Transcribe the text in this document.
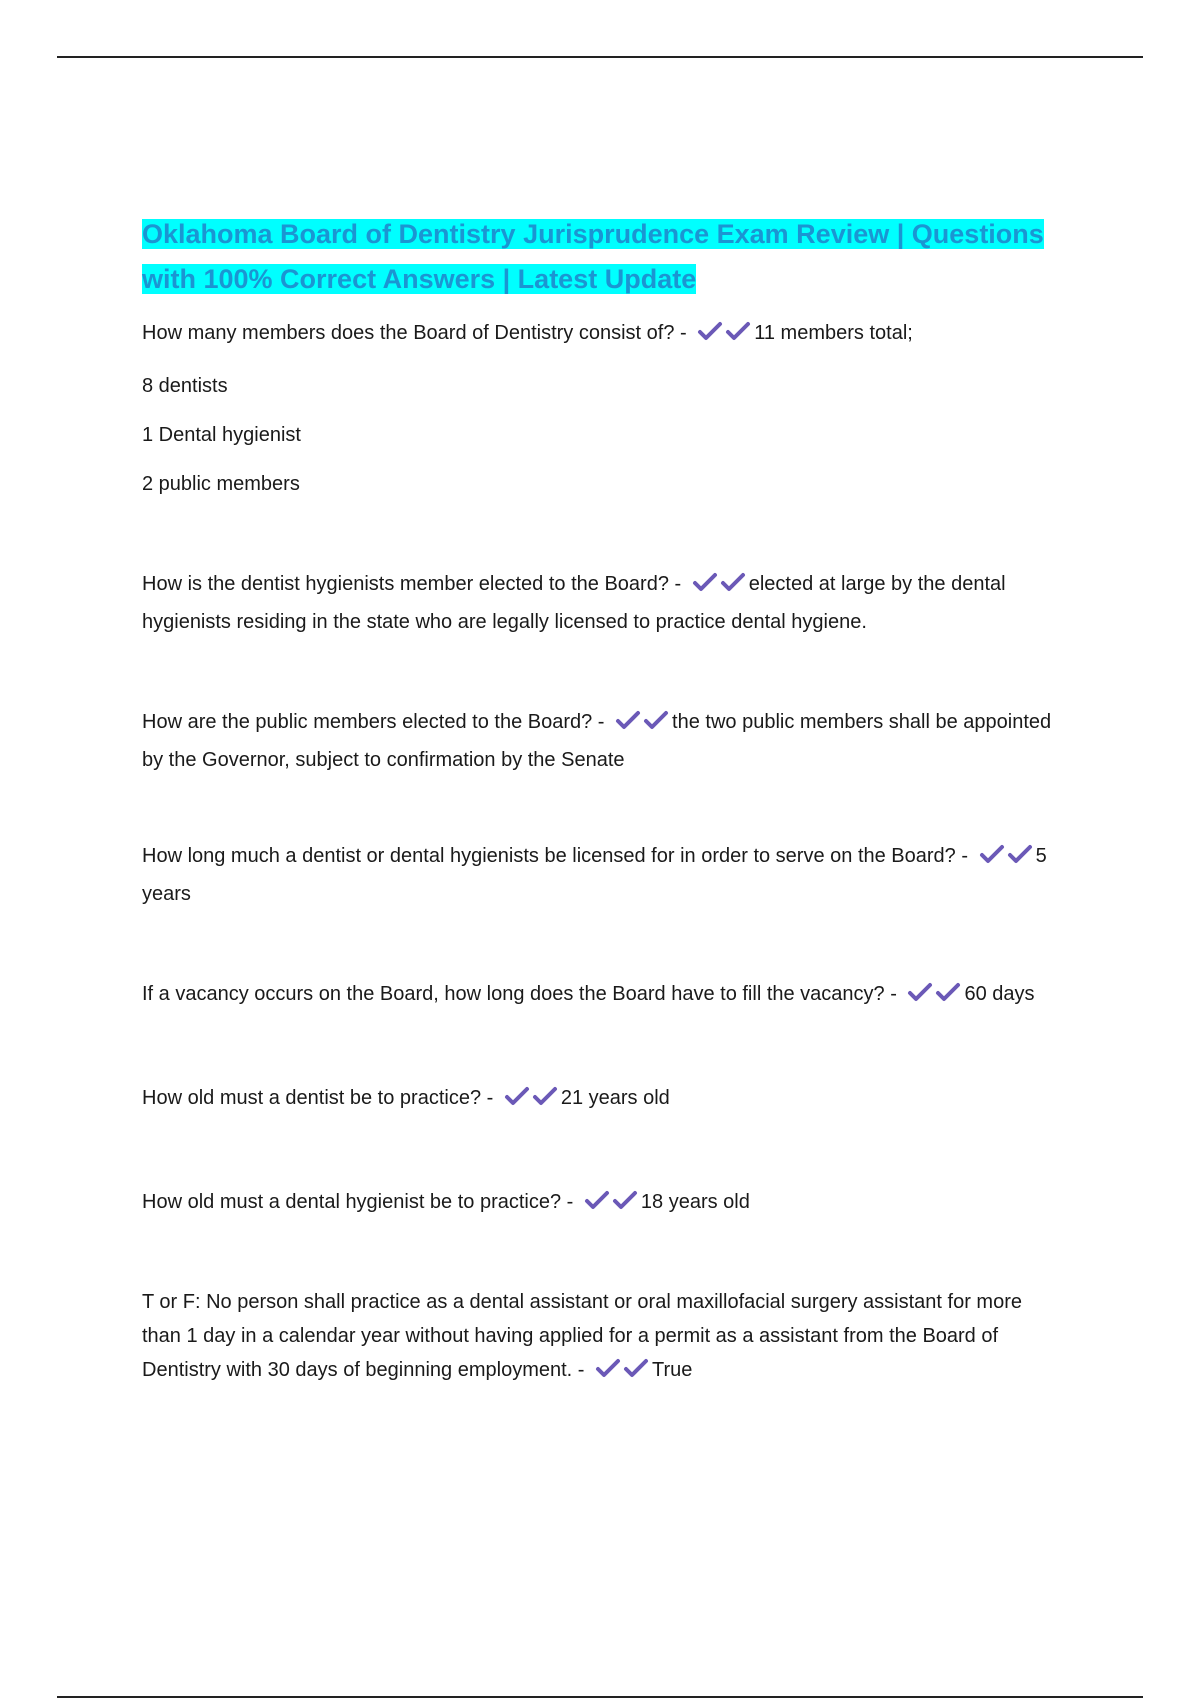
Oklahoma Board of Dentistry Jurisprudence Exam Review | Questions
with 100% Correct Answers | Latest Update

How many members does the Board of Dentistry consist of? -	11 members total;

8 dentists

1 Dental hygienist

2 public members

How is the dentist hygienists member elected to the Board? -	elected at large by the dental hygienists residing in the state who are legally licensed to practice dental hygiene.

How are the public members elected to the Board? -	the two public members shall be appointed by the Governor, subject to confirmation by the Senate

How long much a dentist or dental hygienists be licensed for in order to serve on the Board? -	5 years

If a vacancy occurs on the Board, how long does the Board have to fill the vacancy? -	60 days

How old must a dentist be to practice? -	21 years old

How old must a dental hygienist be to practice? -	18 years old

T or F: No person shall practice as a dental assistant or oral maxillofacial surgery assistant for more than 1 day in a calendar year without having applied for a permit as a assistant from the Board of Dentistry with 30 days of beginning employment. -	True
